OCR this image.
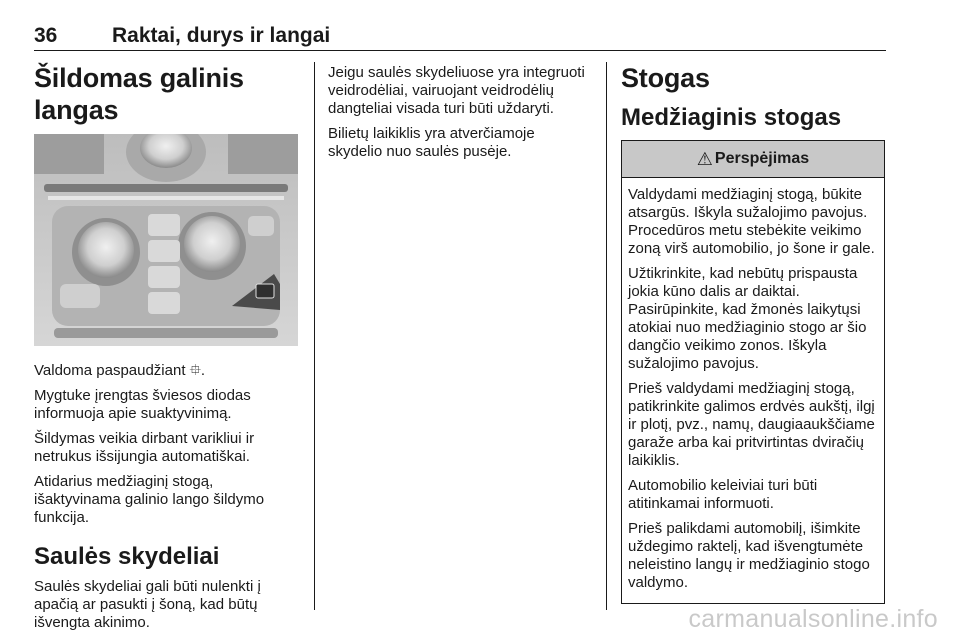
36	Raktai, durys ir langai
Šildomas galinis langas

Valdoma paspaudžiant ⯐.

Mygtuke įrengtas šviesos diodas informuoja apie suaktyvinimą.

Šildymas veikia dirbant varikliui ir netrukus išsijungia automatiškai.

Atidarius medžiaginį stogą, išaktyvinama galinio lango šildymo funkcija.

Saulės skydeliai

Saulės skydeliai gali būti nulenkti į apačią ar pasukti į šoną, kad būtų išvengta akinimo.

Jeigu saulės skydeliuose yra integruoti veidrodėliai, vairuojant veidrodėlių dangteliai visada turi būti uždaryti.

Bilietų laikiklis yra atverčiamoje skydelio nuo saulės pusėje.

Stogas
Medžiaginis stogas
⚠ Perspėjimas

Valdydami medžiaginį stogą, būkite atsargūs. Iškyla sužalojimo pavojus. Procedūros metu stebėkite veikimo zoną virš automobilio, jo šone ir gale.

Užtikrinkite, kad nebūtų prispausta jokia kūno dalis ar daiktai. Pasirūpinkite, kad žmonės laikytųsi atokiai nuo medžiaginio stogo ar šio dangčio veikimo zonos. Iškyla sužalojimo pavojus.

Prieš valdydami medžiaginį stogą, patikrinkite galimos erdvės aukštį, ilgį ir plotį, pvz., namų, daugiaaukščiame garaže arba kai pritvirtintas dviračių laikiklis.

Automobilio keleiviai turi būti atitinkamai informuoti.

Prieš palikdami automobilį, išimkite uždegimo raktelį, kad išvengtumėte neleistino langų ir medžiaginio stogo valdymo.

carmanualsonline.info
